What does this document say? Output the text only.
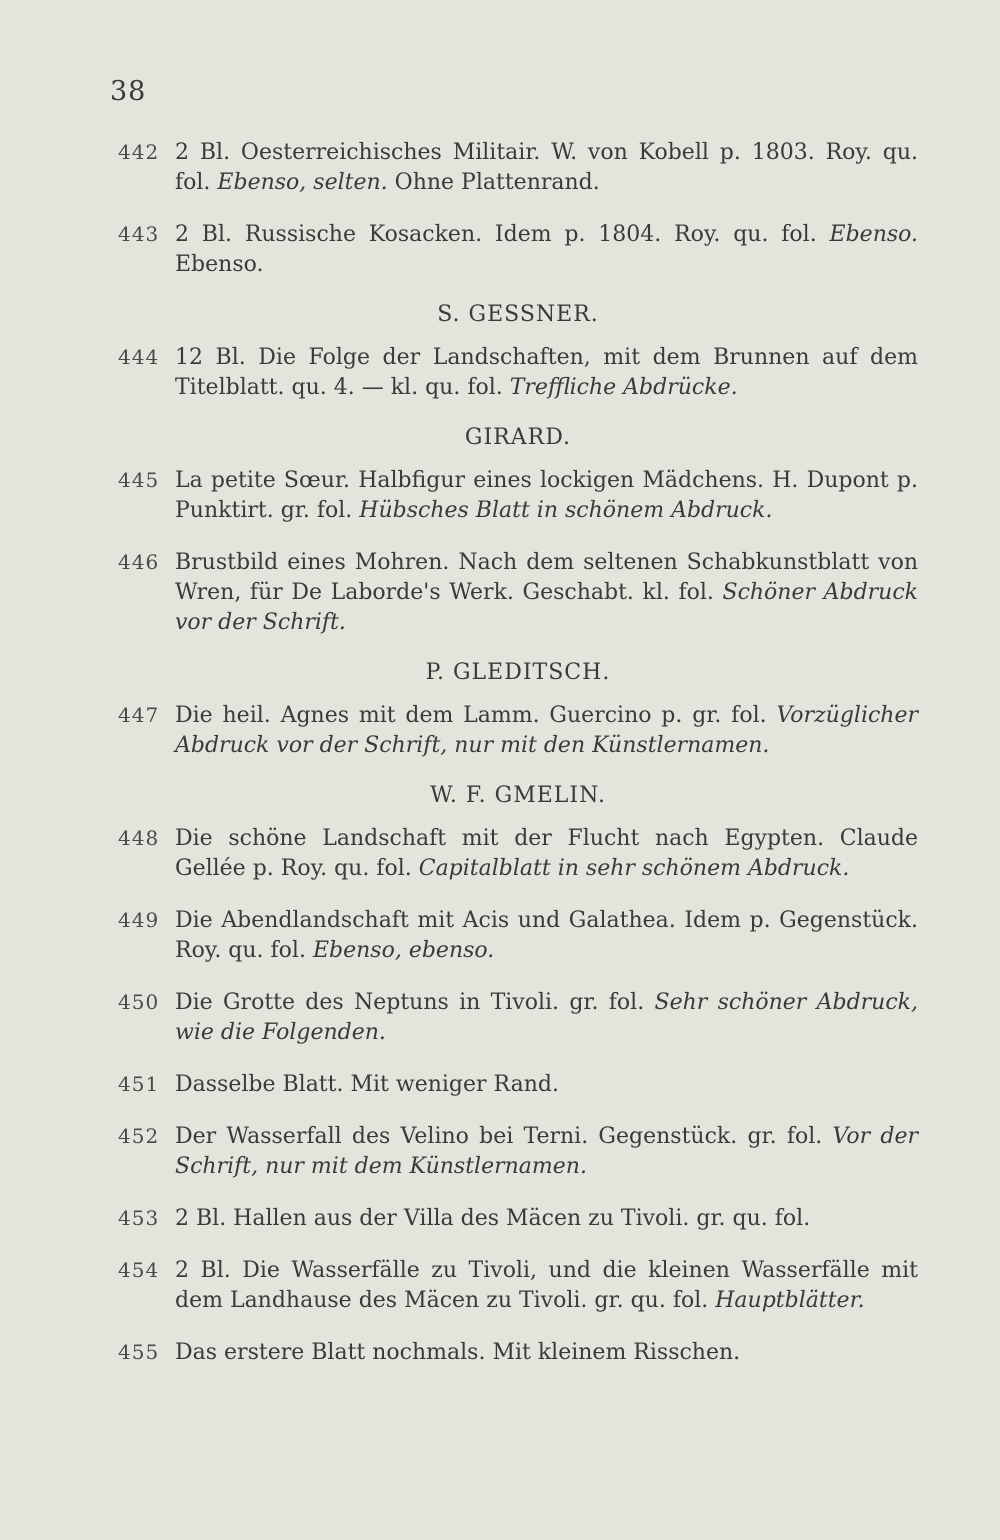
38
442 2 Bl. Oesterreichisches Militair. W. von Kobell p. 1803. Roy. qu. fol. Ebenso, selten. Ohne Plattenrand.
443 2 Bl. Russische Kosacken. Idem p. 1804. Roy. qu. fol. Ebenso. Ebenso.
S. GESSNER.
444 12 Bl. Die Folge der Landschaften, mit dem Brunnen auf dem Titelblatt. qu. 4. — kl. qu. fol. Treffliche Abdrücke.
GIRARD.
445 La petite Sœur. Halbfigur eines lockigen Mädchens. H. Dupont p. Punktirt. gr. fol. Hübsches Blatt in schönem Abdruck.
446 Brustbild eines Mohren. Nach dem seltenen Schabkunstblatt von Wren, für De Laborde's Werk. Geschabt. kl. fol. Schöner Abdruck vor der Schrift.
P. GLEDITSCH.
447 Die heil. Agnes mit dem Lamm. Guercino p. gr. fol. Vorzüglicher Abdruck vor der Schrift, nur mit den Künstlernamen.
W. F. GMELIN.
448 Die schöne Landschaft mit der Flucht nach Egypten. Claude Gellée p. Roy. qu. fol. Capitalblatt in sehr schönem Abdruck.
449 Die Abendlandschaft mit Acis und Galathea. Idem p. Gegenstück. Roy. qu. fol. Ebenso, ebenso.
450 Die Grotte des Neptuns in Tivoli. gr. fol. Sehr schöner Abdruck, wie die Folgenden.
451 Dasselbe Blatt. Mit weniger Rand.
452 Der Wasserfall des Velino bei Terni. Gegenstück. gr. fol. Vor der Schrift, nur mit dem Künstlernamen.
453 2 Bl. Hallen aus der Villa des Mäcen zu Tivoli. gr. qu. fol.
454 2 Bl. Die Wasserfälle zu Tivoli, und die kleinen Wasserfälle mit dem Landhause des Mäcen zu Tivoli. gr. qu. fol. Hauptblätter.
455 Das erstere Blatt nochmals. Mit kleinem Risschen.
